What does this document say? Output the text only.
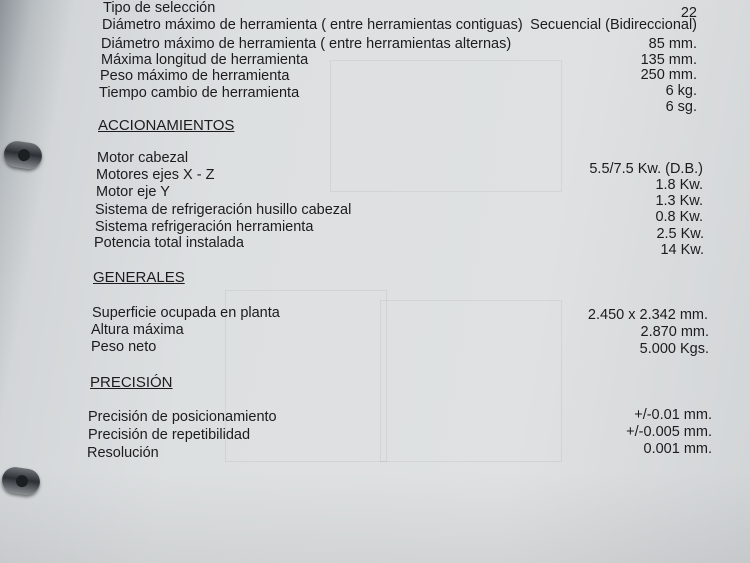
Tipo de selección
Diámetro máximo de herramienta ( entre herramientas contiguas)
Diámetro máximo de herramienta ( entre herramientas alternas)
Máxima longitud de herramienta
Peso máximo de herramienta
Tiempo cambio de herramienta
22
Secuencial (Bidireccional)
85 mm.
135 mm.
250 mm.
6 kg.
6 sg.
ACCIONAMIENTOS
Motor cabezal
Motores ejes X - Z
Motor eje Y
Sistema de refrigeración husillo cabezal
Sistema refrigeración herramienta
Potencia total instalada
5.5/7.5 Kw. (D.B.)
1.8 Kw.
1.3 Kw.
0.8 Kw.
2.5 Kw.
14 Kw.
GENERALES
Superficie ocupada en planta
Altura máxima
Peso neto
2.450 x 2.342 mm.
2.870 mm.
5.000 Kgs.
PRECISIÓN
Precisión de posicionamiento
Precisión de repetibilidad
Resolución
+/-0.01 mm.
+/-0.005 mm.
0.001 mm.
